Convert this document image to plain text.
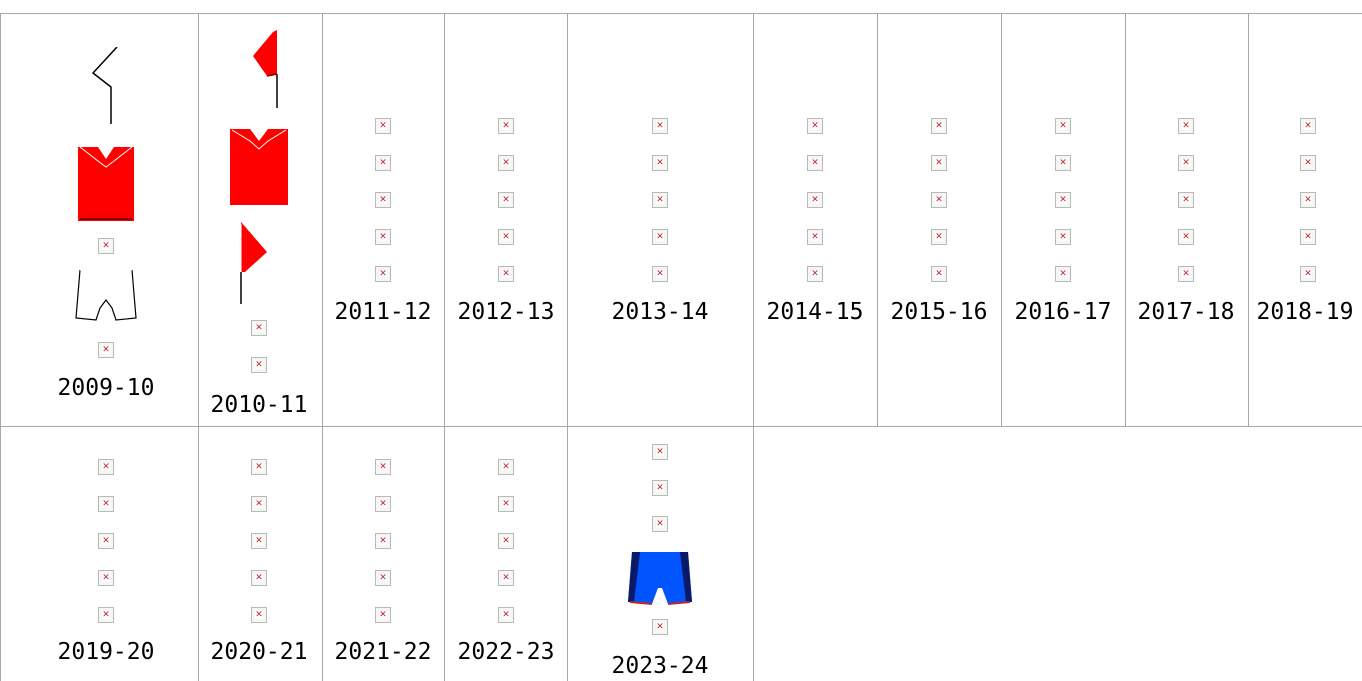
✕
✕
2009-10
✕
✕
2010-11
✕
✕
✕
✕
✕
2011-12
✕
✕
✕
✕
✕ 2012-13
✕
✕
✕
✕
✕ 2013-14
✕
✕
✕
✕
✕	2014-15
✕
✕
✕
✕
✕ 2015-16
✕
✕
✕
✕
✕ 2016-17
✕
✕
✕
✕
✕ 2017-18
✕
✕
✕
✕
✕ 2018-19
✕
✕
✕
✕
✕
2019-20
✕
✕
✕
✕
✕ 2020-21
✕
✕
✕
✕
✕ 2021-22
✕
✕
✕
✕
✕ 2022-23
✕
✕
✕
✕
2023-24
